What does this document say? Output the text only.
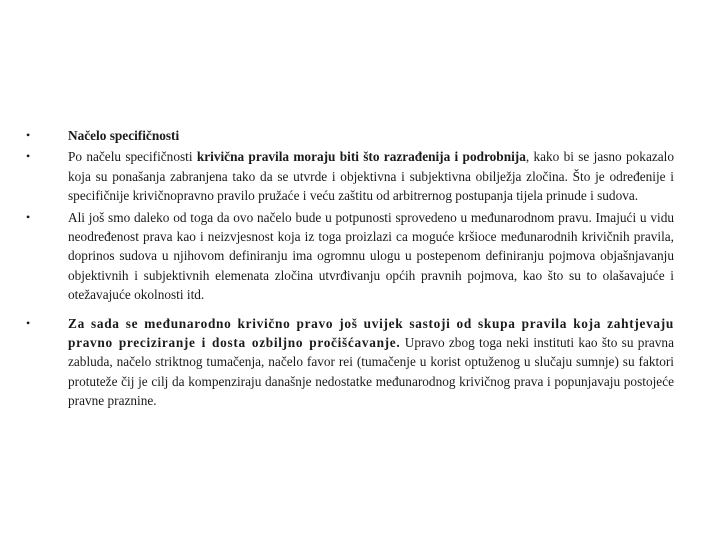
•	Načelo specifičnosti
•	Po načelu specifičnosti krivična pravila moraju biti što razrađenija i podrobnija, kako bi se jasno pokazalo koja su ponašanja zabranjena tako da se utvrde i objektivna i subjektivna obilježja zločina. Što je određenije i specifičnije krivičnopravno pravilo pružaće i veću zaštitu od arbitrernog postupanja tijela prinude i sudova.
•	Ali još smo daleko od toga da ovo načelo bude u potpunosti sprovedeno u međunarodnom pravu. Imajući u vidu neodređenost prava kao i neizvjesnost koja iz toga proizlazi ca moguće kršioce međunarodnih krivičnih pravila, doprinos sudova u njihovom definiranju ima ogromnu ulogu u postepenom definiranju pojmova objašnjavanju objektivnih i subjektivnih elemenata zločina utvrđivanju općih pravnih pojmova, kao što su to olašavajuće i otežavajuće okolnosti itd.
•	Za sada se međunarodno krivično pravo još uvijek sastoji od skupa pravila koja zahtjevaju pravno preciziranje i dosta ozbiljno pročišćavanje. Upravo zbog toga neki instituti kao što su pravna zabluda, načelo striktnog tumačenja, načelo favor rei (tumačenje u korist optuženog u slučaju sumnje) su faktori protuteže čij je cilj da kompenziraju današnje nedostatke međunarodnog krivičnog prava i popunjavaju postojeće pravne praznine.
